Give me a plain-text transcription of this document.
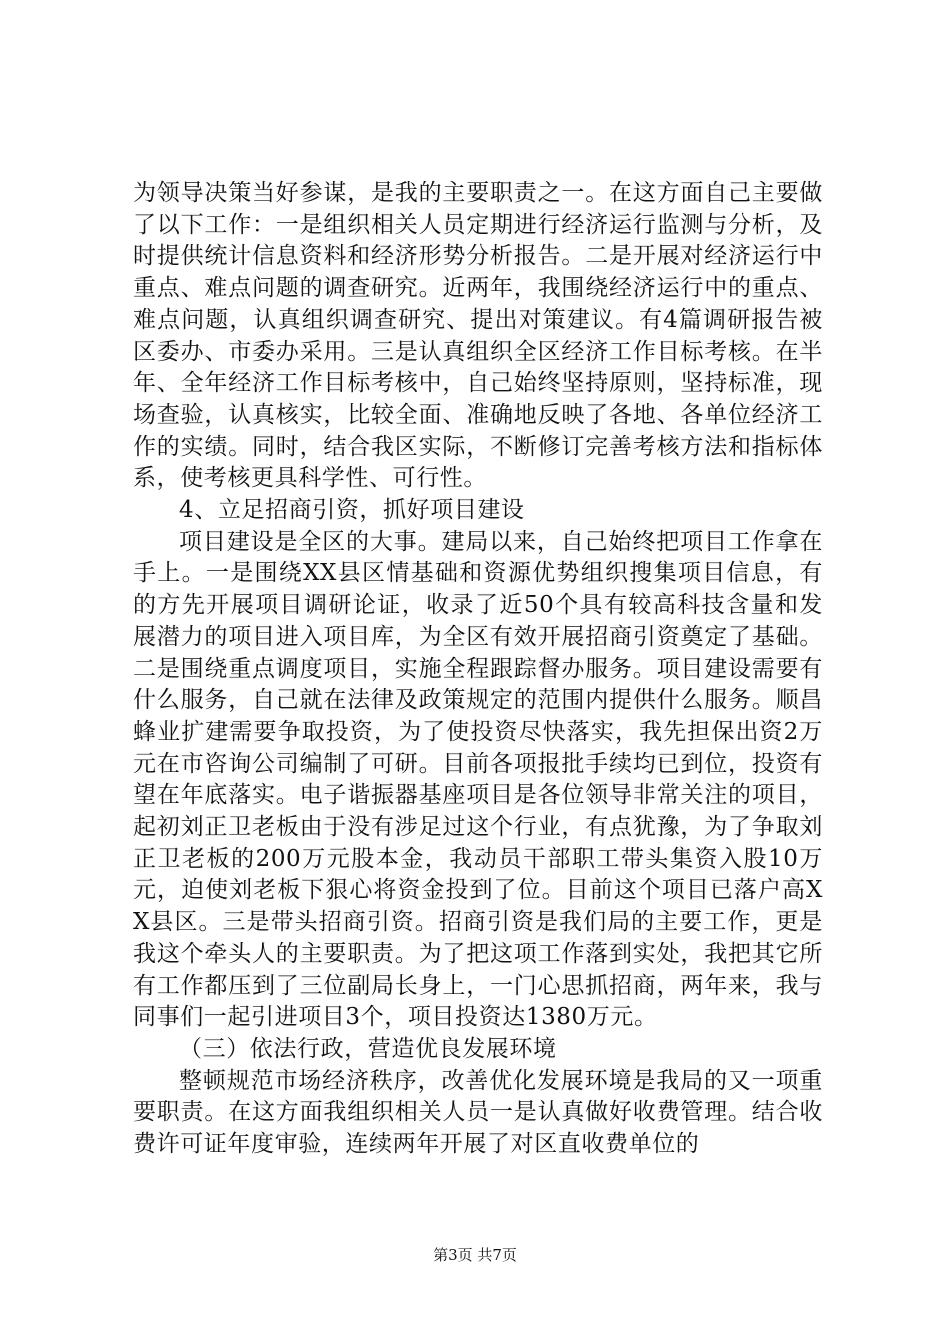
为领导决策当好参谋，是我的主要职责之一。在这方面自己主要做了以下工作：一是组织相关人员定期进行经济运行监测与分析，及时提供统计信息资料和经济形势分析报告。二是开展对经济运行中重点、难点问题的调查研究。近两年，我围绕经济运行中的重点、难点问题，认真组织调查研究、提出对策建议。有4篇调研报告被区委办、市委办采用。三是认真组织全区经济工作目标考核。在半年、全年经济工作目标考核中，自己始终坚持原则，坚持标准，现场查验，认真核实，比较全面、准确地反映了各地、各单位经济工作的实绩。同时，结合我区实际，不断修订完善考核方法和指标体系，使考核更具科学性、可行性。

4、立足招商引资，抓好项目建设

项目建设是全区的大事。建局以来，自己始终把项目工作拿在手上。一是围绕XX县区情基础和资源优势组织搜集项目信息，有的方先开展项目调研论证，收录了近50个具有较高科技含量和发展潜力的项目进入项目库，为全区有效开展招商引资奠定了基础。二是围绕重点调度项目，实施全程跟踪督办服务。项目建设需要有什么服务，自己就在法律及政策规定的范围内提供什么服务。顺昌蜂业扩建需要争取投资，为了使投资尽快落实，我先担保出资2万元在市咨询公司编制了可研。目前各项报批手续均已到位，投资有望在年底落实。电子谐振器基座项目是各位领导非常关注的项目，起初刘正卫老板由于没有涉足过这个行业，有点犹豫，为了争取刘正卫老板的200万元股本金，我动员干部职工带头集资入股10万元，迫使刘老板下狠心将资金投到了位。目前这个项目已落户高XX县区。三是带头招商引资。招商引资是我们局的主要工作，更是我这个牵头人的主要职责。为了把这项工作落到实处，我把其它所有工作都压到了三位副局长身上，一门心思抓招商，两年来，我与同事们一起引进项目3个，项目投资达1380万元。

（三）依法行政，营造优良发展环境

整顿规范市场经济秩序，改善优化发展环境是我局的又一项重要职责。在这方面我组织相关人员一是认真做好收费管理。结合收费许可证年度审验，连续两年开展了对区直收费单位的

第3页 共7页
